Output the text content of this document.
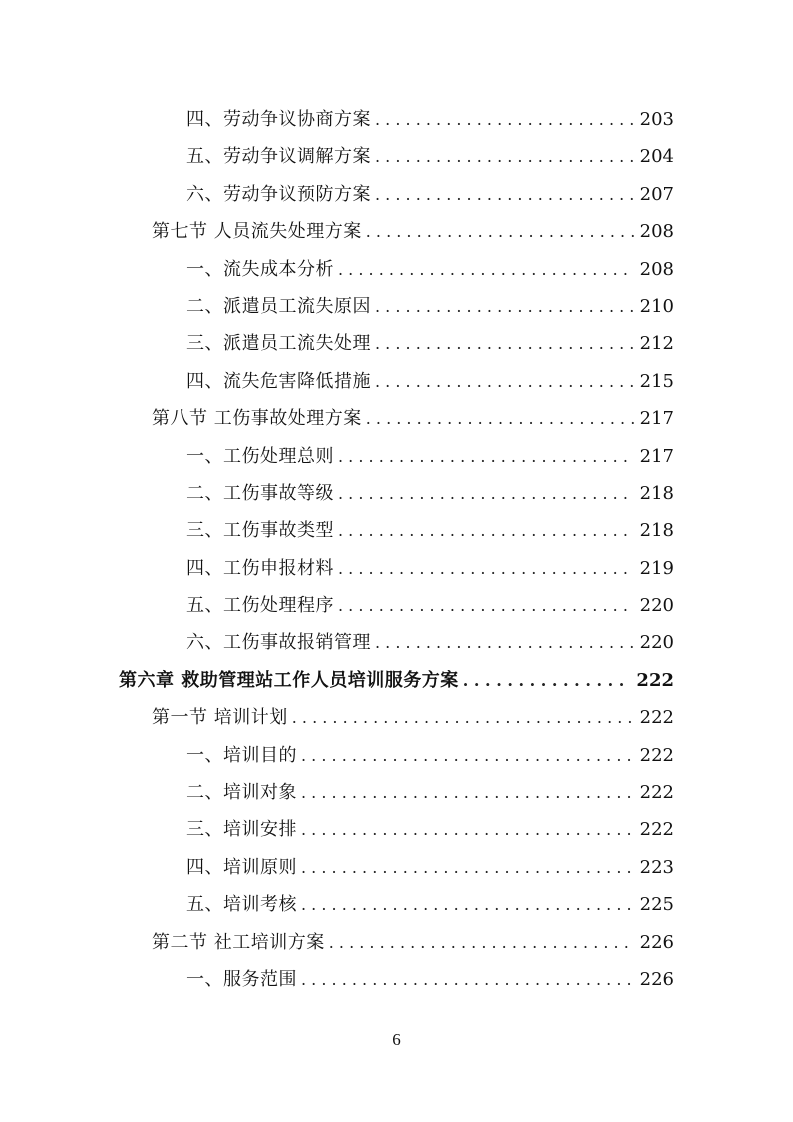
四、劳动争议协商方案 . . .	203
五、劳动争议调解方案 . . .	204
六、劳动争议预防方案 . . .	207
第七节 人员流失处理方案 . . .	208
一、流失成本分析 . . .	208
二、派遣员工流失原因 . . .	210
三、派遣员工流失处理 . . .	212
四、流失危害降低措施 . . .	215
第八节 工伤事故处理方案 . . .	217
一、工伤处理总则 . . .	217
二、工伤事故等级 . . .	218
三、工伤事故类型 . . .	218
四、工伤申报材料 . . .	219
五、工伤处理程序 . . .	220
六、工伤事故报销管理 . . .	220
第六章 救助管理站工作人员培训服务方案 . . .	222
第一节 培训计划 . . .	222
一、培训目的 . . .	222
二、培训对象 . . .	222
三、培训安排 . . .	222
四、培训原则 . . .	223
五、培训考核 . . .	225
第二节 社工培训方案 . . .	226
一、服务范围 . . .	226
6
